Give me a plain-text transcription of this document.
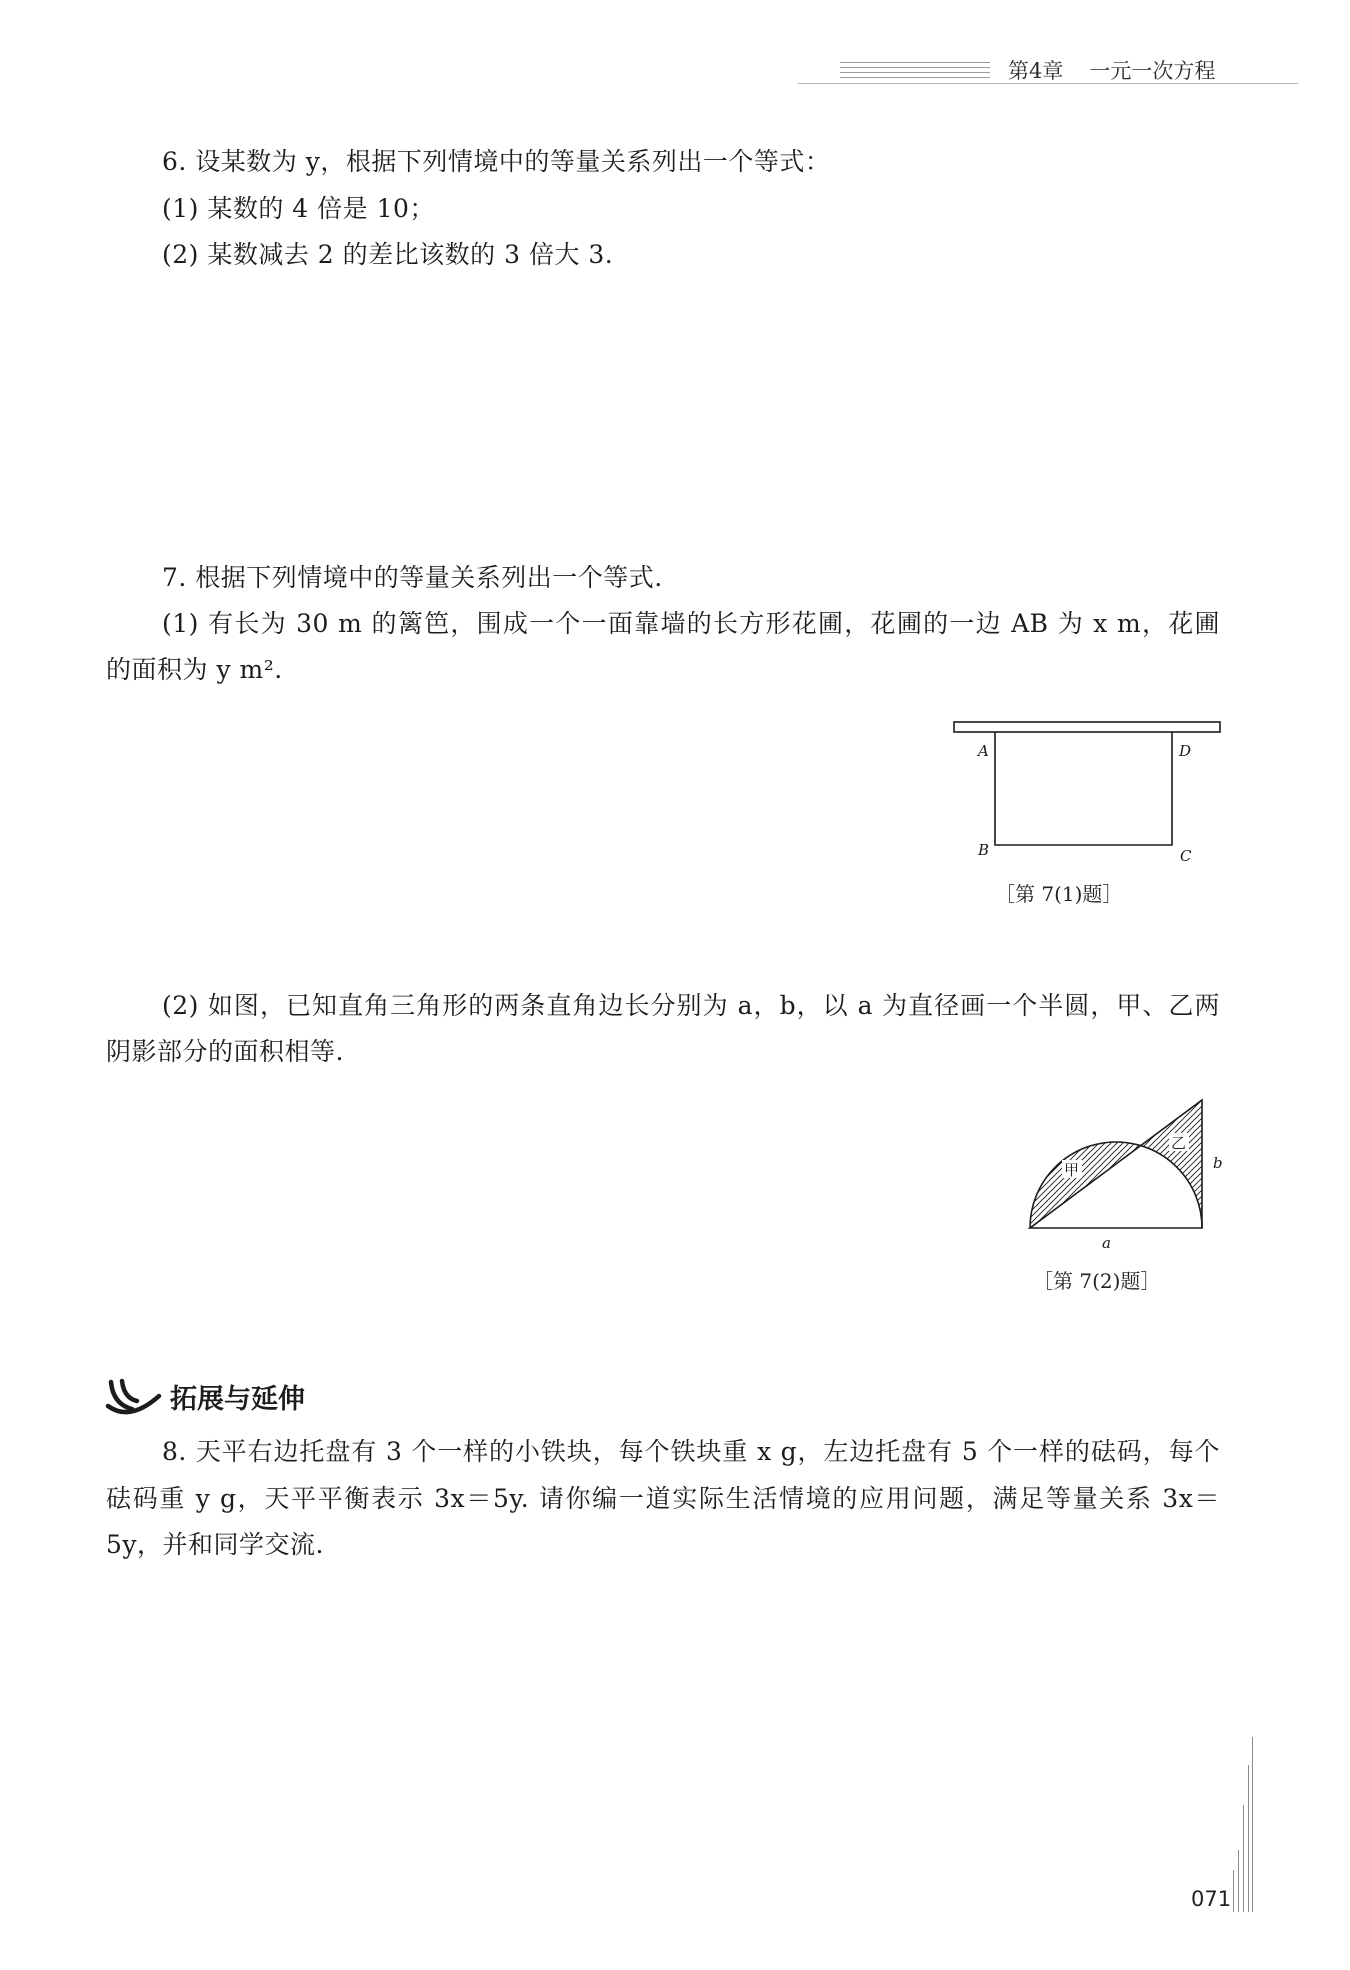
第4章 一元一次方程
6. 设某数为 y，根据下列情境中的等量关系列出一个等式：
(1) 某数的 4 倍是 10；
(2) 某数减去 2 的差比该数的 3 倍大 3.
7. 根据下列情境中的等量关系列出一个等式.
(1) 有长为 30 m 的篱笆，围成一个一面靠墙的长方形花圃，花圃的一边 AB 为 x m，花圃
的面积为 y m².
A	D
B	C
［第 7(1)题］
(2) 如图，已知直角三角形的两条直角边长分别为 a，b，以 a 为直径画一个半圆，甲、乙两
阴影部分的面积相等.
甲
乙
b
a
［第 7(2)题］
拓展与延伸
8. 天平右边托盘有 3 个一样的小铁块，每个铁块重 x g，左边托盘有 5 个一样的砝码，每个
砝码重 y g，天平平衡表示 3x＝5y. 请你编一道实际生活情境的应用问题，满足等量关系 3x＝
5y，并和同学交流.
071
